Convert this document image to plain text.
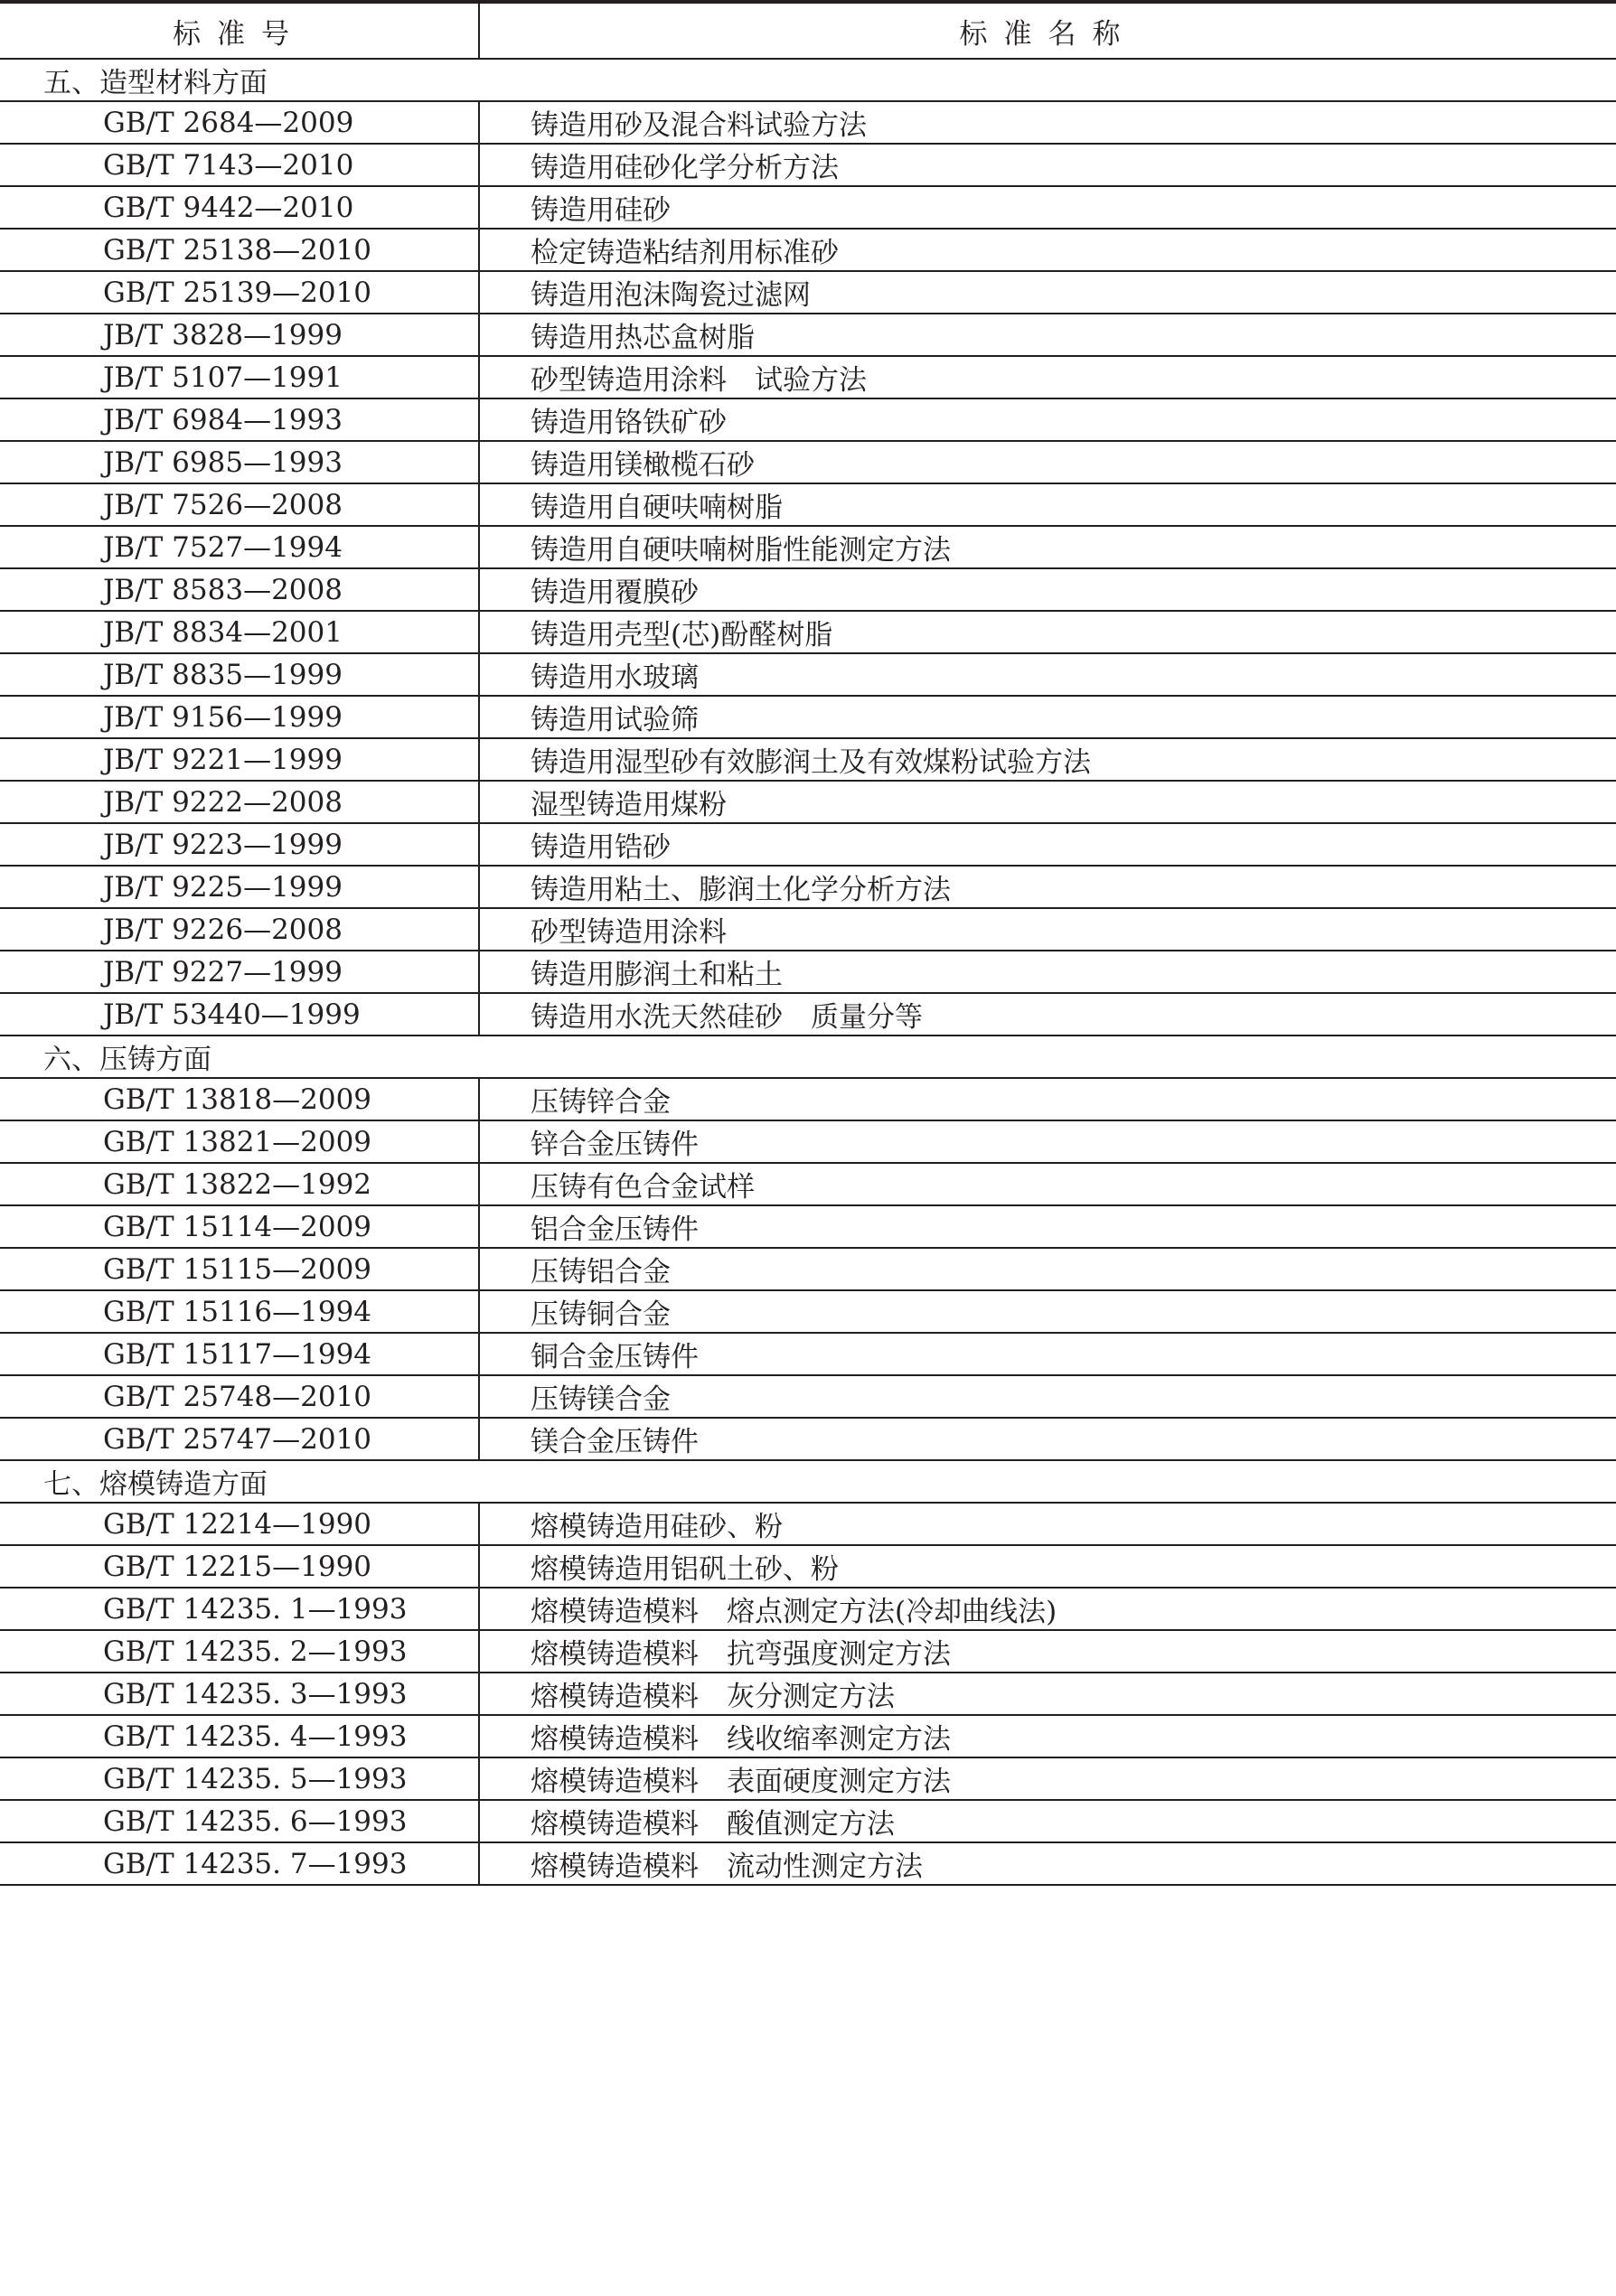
标准号	标准名称
五、造型材料方面	
GB/T 2684—2009	铸造用砂及混合料试验方法
GB/T 7143—2010	铸造用硅砂化学分析方法
GB/T 9442—2010	铸造用硅砂
GB/T 25138—2010	检定铸造粘结剂用标准砂
GB/T 25139—2010	铸造用泡沫陶瓷过滤网
JB/T 3828—1999	铸造用热芯盒树脂
JB/T 5107—1991	砂型铸造用涂料　试验方法
JB/T 6984—1993	铸造用铬铁矿砂
JB/T 6985—1993	铸造用镁橄榄石砂
JB/T 7526—2008	铸造用自硬呋喃树脂
JB/T 7527—1994	铸造用自硬呋喃树脂性能测定方法
JB/T 8583—2008	铸造用覆膜砂
JB/T 8834—2001	铸造用壳型(芯)酚醛树脂
JB/T 8835—1999	铸造用水玻璃
JB/T 9156—1999	铸造用试验筛
JB/T 9221—1999	铸造用湿型砂有效膨润土及有效煤粉试验方法
JB/T 9222—2008	湿型铸造用煤粉
JB/T 9223—1999	铸造用锆砂
JB/T 9225—1999	铸造用粘土、膨润土化学分析方法
JB/T 9226—2008	砂型铸造用涂料
JB/T 9227—1999	铸造用膨润土和粘土
JB/T 53440—1999	铸造用水洗天然硅砂　质量分等
六、压铸方面	
GB/T 13818—2009	压铸锌合金
GB/T 13821—2009	锌合金压铸件
GB/T 13822—1992	压铸有色合金试样
GB/T 15114—2009	铝合金压铸件
GB/T 15115—2009	压铸铝合金
GB/T 15116—1994	压铸铜合金
GB/T 15117—1994	铜合金压铸件
GB/T 25748—2010	压铸镁合金
GB/T 25747—2010	镁合金压铸件
七、熔模铸造方面	
GB/T 12214—1990	熔模铸造用硅砂、粉
GB/T 12215—1990	熔模铸造用铝矾土砂、粉
GB/T 14235. 1—1993	熔模铸造模料　熔点测定方法(冷却曲线法)
GB/T 14235. 2—1993	熔模铸造模料　抗弯强度测定方法
GB/T 14235. 3—1993	熔模铸造模料　灰分测定方法
GB/T 14235. 4—1993	熔模铸造模料　线收缩率测定方法
GB/T 14235. 5—1993	熔模铸造模料　表面硬度测定方法
GB/T 14235. 6—1993	熔模铸造模料　酸值测定方法
GB/T 14235. 7—1993	熔模铸造模料　流动性测定方法
